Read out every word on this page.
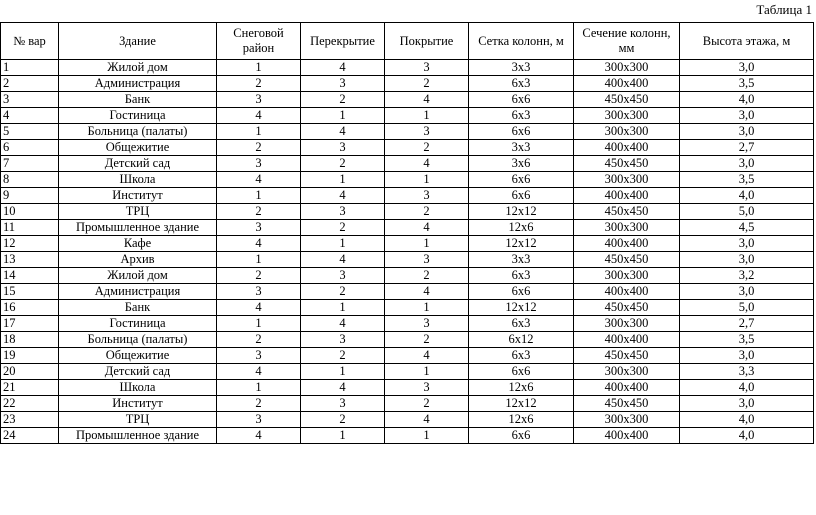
Таблица 1
№ вар	Здание	Снеговой район	Перекрытие	Покрытие	Сетка колонн, м	Сечение колонн, мм	Высота этажа, м
1	Жилой дом	1	4	3	3х3	300х300	3,0
2	Администрация	2	3	2	6х3	400х400	3,5
3	Банк	3	2	4	6х6	450х450	4,0
4	Гостиница	4	1	1	6х3	300х300	3,0
5	Больница (палаты)	1	4	3	6х6	300х300	3,0
6	Общежитие	2	3	2	3х3	400х400	2,7
7	Детский сад	3	2	4	3х6	450х450	3,0
8	Школа	4	1	1	6х6	300х300	3,5
9	Институт	1	4	3	6х6	400х400	4,0
10	ТРЦ	2	3	2	12х12	450х450	5,0
11	Промышленное здание	3	2	4	12х6	300х300	4,5
12	Кафе	4	1	1	12х12	400х400	3,0
13	Архив	1	4	3	3х3	450х450	3,0
14	Жилой дом	2	3	2	6х3	300х300	3,2
15	Администрация	3	2	4	6х6	400х400	3,0
16	Банк	4	1	1	12х12	450х450	5,0
17	Гостиница	1	4	3	6х3	300х300	2,7
18	Больница (палаты)	2	3	2	6х12	400х400	3,5
19	Общежитие	3	2	4	6х3	450х450	3,0
20	Детский сад	4	1	1	6х6	300х300	3,3
21	Школа	1	4	3	12х6	400х400	4,0
22	Институт	2	3	2	12х12	450х450	3,0
23	ТРЦ	3	2	4	12х6	300х300	4,0
24	Промышленное здание	4	1	1	6х6	400х400	4,0
